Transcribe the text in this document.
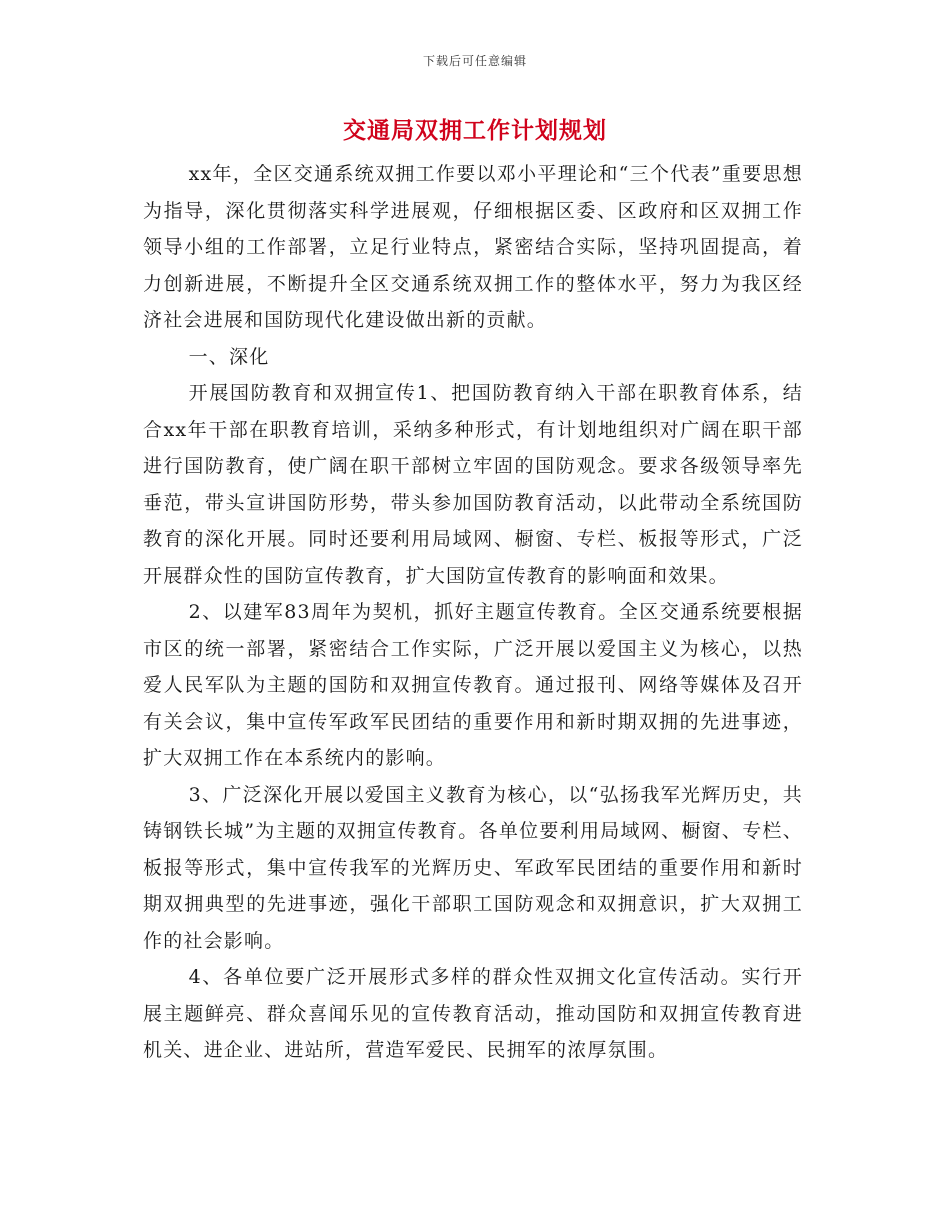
下载后可任意编辑
交通局双拥工作计划规划

xx年，全区交通系统双拥工作要以邓小平理论和“三个代表”重要思想为指导，深化贯彻落实科学进展观，仔细根据区委、区政府和区双拥工作领导小组的工作部署，立足行业特点，紧密结合实际，坚持巩固提高，着力创新进展，不断提升全区交通系统双拥工作的整体水平，努力为我区经济社会进展和国防现代化建设做出新的贡献。

一、深化

开展国防教育和双拥宣传1、把国防教育纳入干部在职教育体系，结合xx年干部在职教育培训，采纳多种形式，有计划地组织对广阔在职干部进行国防教育，使广阔在职干部树立牢固的国防观念。要求各级领导率先垂范，带头宣讲国防形势，带头参加国防教育活动，以此带动全系统国防教育的深化开展。同时还要利用局域网、橱窗、专栏、板报等形式，广泛开展群众性的国防宣传教育，扩大国防宣传教育的影响面和效果。

2、以建军83周年为契机，抓好主题宣传教育。全区交通系统要根据市区的统一部署，紧密结合工作实际，广泛开展以爱国主义为核心，以热爱人民军队为主题的国防和双拥宣传教育。通过报刊、网络等媒体及召开有关会议，集中宣传军政军民团结的重要作用和新时期双拥的先进事迹，扩大双拥工作在本系统内的影响。

3、广泛深化开展以爱国主义教育为核心，以“弘扬我军光辉历史，共铸钢铁长城”为主题的双拥宣传教育。各单位要利用局域网、橱窗、专栏、板报等形式，集中宣传我军的光辉历史、军政军民团结的重要作用和新时期双拥典型的先进事迹，强化干部职工国防观念和双拥意识，扩大双拥工作的社会影响。

4、各单位要广泛开展形式多样的群众性双拥文化宣传活动。实行开展主题鲜亮、群众喜闻乐见的宣传教育活动，推动国防和双拥宣传教育进机关、进企业、进站所，营造军爱民、民拥军的浓厚氛围。
